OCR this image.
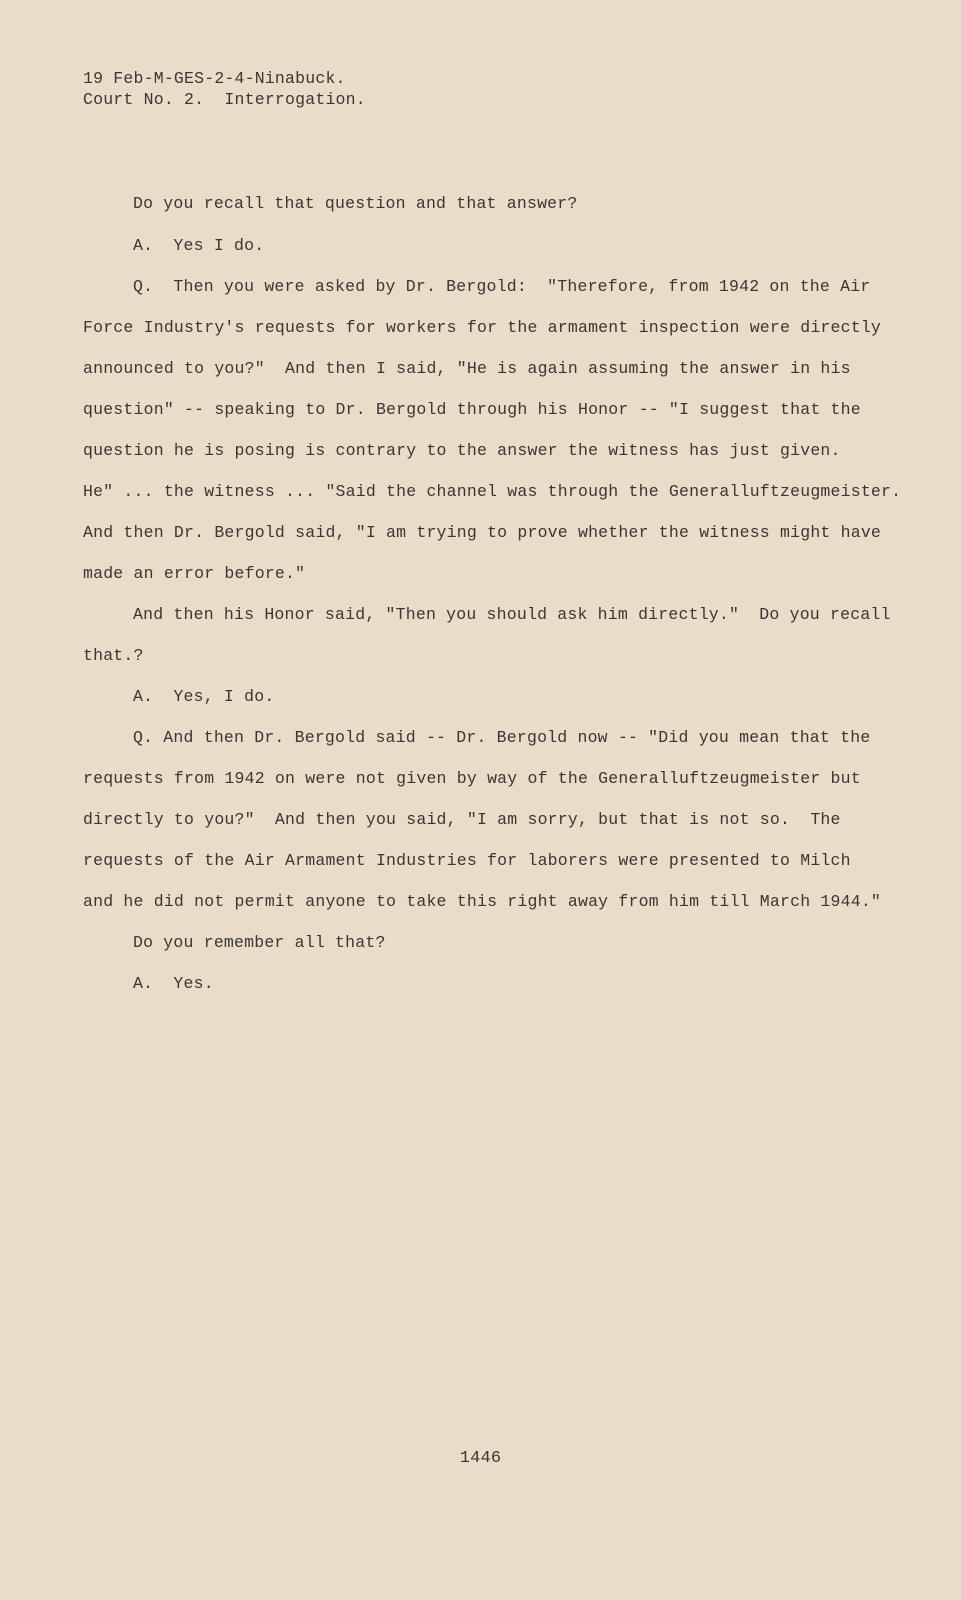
19 Feb-M-GES-2-4-Ninabuck.
Court No. 2.  Interrogation.
Do you recall that question and that answer?
A.  Yes I do.
Q.  Then you were asked by Dr. Bergold:  "Therefore, from 1942 on the Air
Force Industry's requests for workers for the armament inspection were directly
announced to you?"  And then I said, "He is again assuming the answer in his
question" -- speaking to Dr. Bergold through his Honor -- "I suggest that the
question he is posing is contrary to the answer the witness has just given.
He" ... the witness ... "Said the channel was through the Generalluftzeugmeister.
And then Dr. Bergold said, "I am trying to prove whether the witness might have
made an error before."
And then his Honor said, "Then you should ask him directly."  Do you recall
that.?
A.  Yes, I do.
Q. And then Dr. Bergold said -- Dr. Bergold now -- "Did you mean that the
requests from 1942 on were not given by way of the Generalluftzeugmeister but
directly to you?"  And then you said, "I am sorry, but that is not so.  The
requests of the Air Armament Industries for laborers were presented to Milch
and he did not permit anyone to take this right away from him till March 1944."
Do you remember all that?
A.  Yes.
1446
